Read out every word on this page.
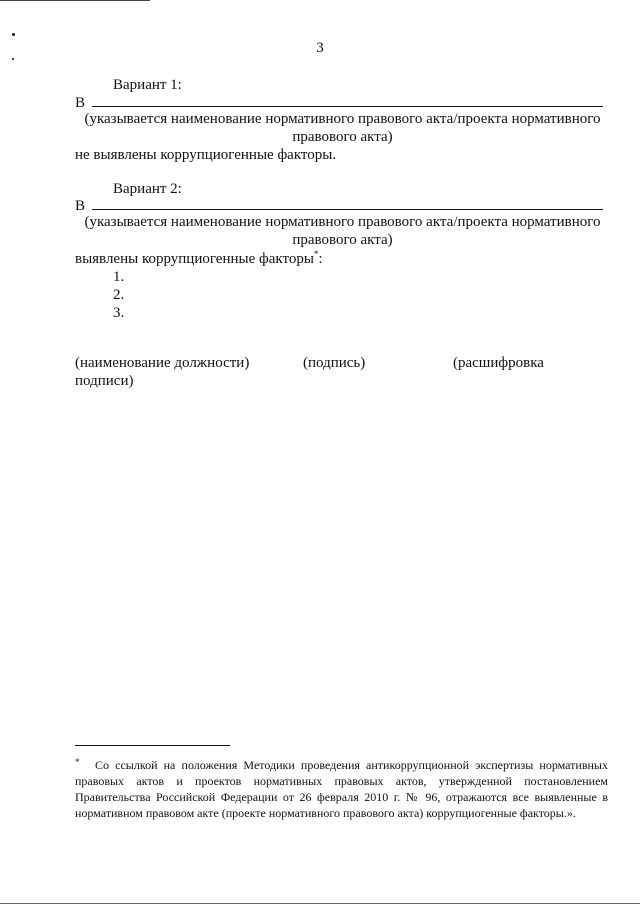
3
Вариант 1:
В
(указывается наименование нормативного правового акта/проекта нормативного
правового акта)
не выявлены коррупциогенные факторы.
Вариант 2:
В
(указывается наименование нормативного правового акта/проекта нормативного
правового акта)
выявлены коррупциогенные факторы*:
1.
2.
3.
(наименование должности)	(подпись)	(расшифровка
подписи)
*	Со ссылкой на положения Методики проведения антикоррупционной экспертизы нормативных правовых актов и проектов нормативных правовых актов, утвержденной постановлением Правительства Российской Федерации от 26 февраля 2010 г. № 96, отражаются все выявленные в нормативном правовом акте (проекте нормативного правового акта) коррупциогенные факторы.».
